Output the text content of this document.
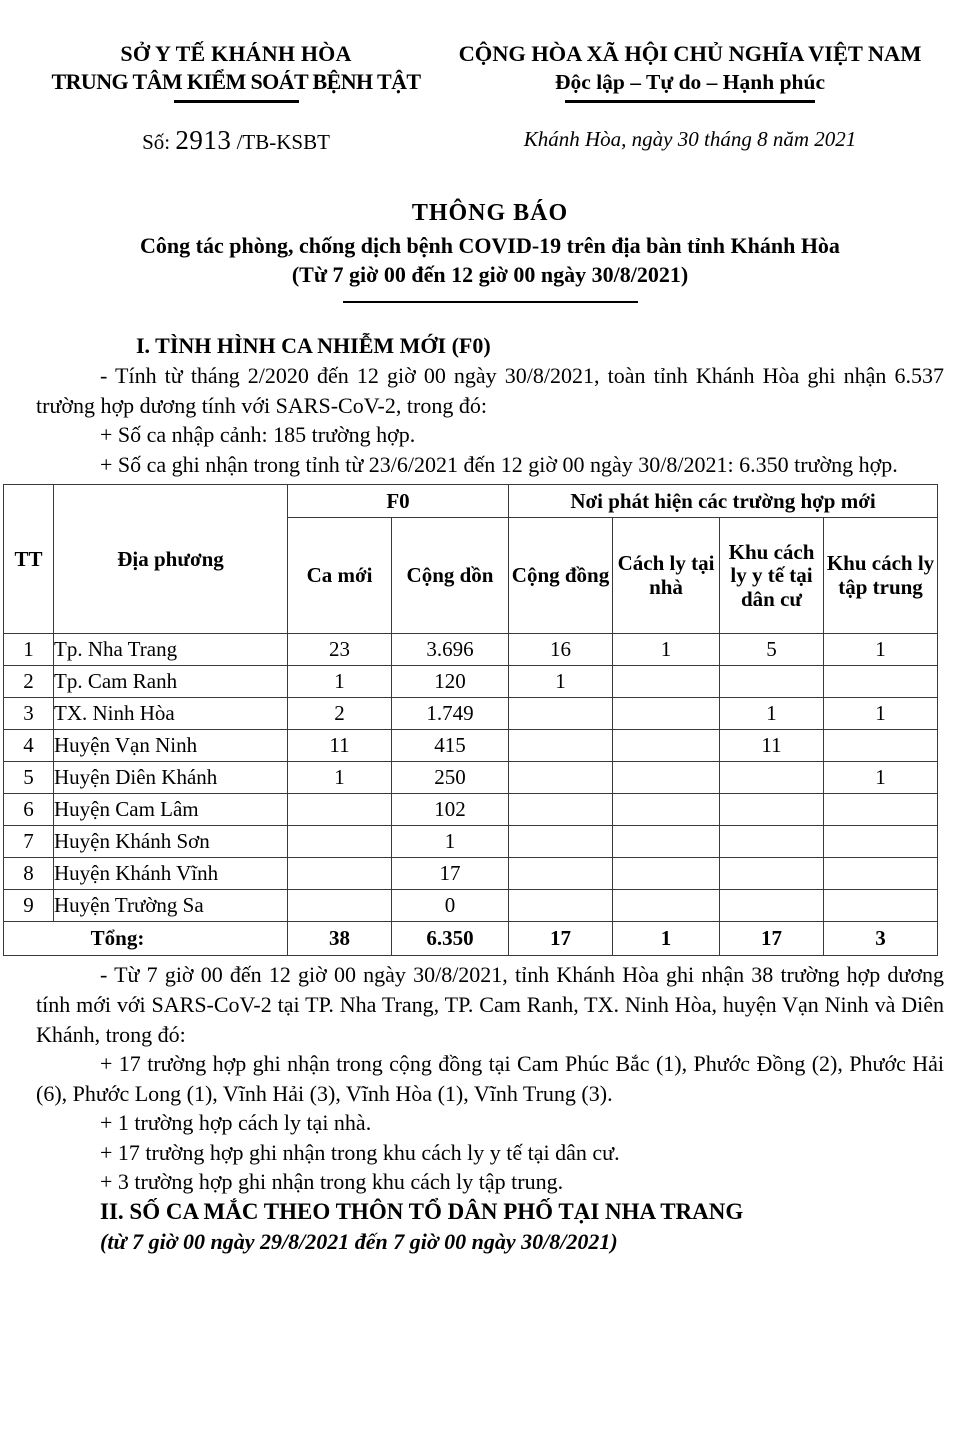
SỞ Y TẾ KHÁNH HÒA
TRUNG TÂM KIỂM SOÁT BỆNH TẬT
Số: 2913 /TB-KSBT
CỘNG HÒA XÃ HỘI CHỦ NGHĨA VIỆT NAM
Độc lập – Tự do – Hạnh phúc
Khánh Hòa, ngày 30 tháng 8 năm 2021
THÔNG BÁO
Công tác phòng, chống dịch bệnh COVID-19 trên địa bàn tỉnh Khánh Hòa
(Từ 7 giờ 00 đến 12 giờ 00 ngày 30/8/2021)

I. TÌNH HÌNH CA NHIỄM MỚI (F0)

- Tính từ tháng 2/2020 đến 12 giờ 00 ngày 30/8/2021, toàn tỉnh Khánh Hòa ghi nhận 6.537 trường hợp dương tính với SARS-CoV-2, trong đó:

+ Số ca nhập cảnh: 185 trường hợp.

+ Số ca ghi nhận trong tỉnh từ 23/6/2021 đến 12 giờ 00 ngày 30/8/2021: 6.350 trường hợp.

TT	Địa phương	F0		Nơi phát hiện các trường hợp mới			
		Ca mới	Cộng dồn	Cộng đồng	Cách ly tại nhà	Khu cách ly y tế tại dân cư	Khu cách ly tập trung
1	Tp. Nha Trang	23	3.696	16	1	5	1
2	Tp. Cam Ranh	1	120	1			
3	TX. Ninh Hòa	2	1.749			1	1
4	Huyện Vạn Ninh	11	415			11	
5	Huyện Diên Khánh	1	250				1
6	Huyện Cam Lâm		102				
7	Huyện Khánh Sơn		1				
8	Huyện Khánh Vĩnh		17				
9	Huyện Trường Sa		0				
Tổng:		38	6.350	17	1	17	3

- Từ 7 giờ 00 đến 12 giờ 00 ngày 30/8/2021, tỉnh Khánh Hòa ghi nhận 38 trường hợp dương tính mới với SARS-CoV-2 tại TP. Nha Trang, TP. Cam Ranh, TX. Ninh Hòa, huyện Vạn Ninh và Diên Khánh, trong đó:

+ 17 trường hợp ghi nhận trong cộng đồng tại Cam Phúc Bắc (1), Phước Đồng (2), Phước Hải (6), Phước Long (1), Vĩnh Hải (3), Vĩnh Hòa (1), Vĩnh Trung (3).

+ 1 trường hợp cách ly tại nhà.

+ 17 trường hợp ghi nhận trong khu cách ly y tế tại dân cư.

+ 3 trường hợp ghi nhận trong khu cách ly tập trung.

II. SỐ CA MẮC THEO THÔN TỔ DÂN PHỐ TẠI NHA TRANG

(từ 7 giờ 00 ngày 29/8/2021 đến 7 giờ 00 ngày 30/8/2021)
